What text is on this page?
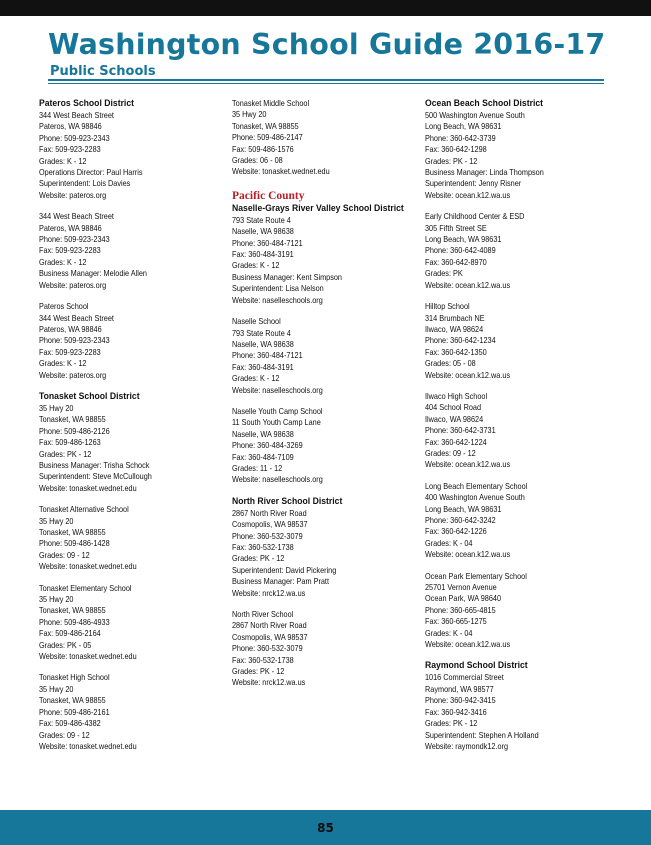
Washington School Guide 2016-17
Public Schools
Pateros School District
344 West Beach Street
Pateros, WA 98846
Phone: 509-923-2343
Fax: 509-923-2283
Grades: K - 12
Operations Director: Paul Harris
Superintendent: Lois Davies
Website: pateros.org
344 West Beach Street
Pateros, WA 98846
Phone: 509-923-2343
Fax: 509-923-2283
Grades: K - 12
Business Manager: Melodie Allen
Website: pateros.org
Pateros School
344 West Beach Street
Pateros, WA 98846
Phone: 509-923-2343
Fax: 509-923-2283
Grades: K - 12
Website: pateros.org
Tonasket School District
35 Hwy 20
Tonasket, WA 98855
Phone: 509-486-2126
Fax: 509-486-1263
Grades: PK - 12
Business Manager: Trisha Schock
Superintendent: Steve McCullough
Website: tonasket.wednet.edu
Tonasket Alternative School
35 Hwy 20
Tonasket, WA 98855
Phone: 509-486-1428
Grades: 09 - 12
Website: tonasket.wednet.edu
Tonasket Elementary School
35 Hwy 20
Tonasket, WA 98855
Phone: 509-486-4933
Fax: 509-486-2164
Grades: PK - 05
Website: tonasket.wednet.edu
Tonasket High School
35 Hwy 20
Tonasket, WA 98855
Phone: 509-486-2161
Fax: 509-486-4382
Grades: 09 - 12
Website: tonasket.wednet.edu
Tonasket Middle School
35 Hwy 20
Tonasket, WA 98855
Phone: 509-486-2147
Fax: 509-486-1576
Grades: 06 - 08
Website: tonasket.wednet.edu
Pacific County
Naselle-Grays River Valley School District
793 State Route 4
Naselle, WA 98638
Phone: 360-484-7121
Fax: 360-484-3191
Grades: K - 12
Business Manager: Kent Simpson
Superintendent: Lisa Nelson
Website: naselleschools.org
Naselle School
793 State Route 4
Naselle, WA 98638
Phone: 360-484-7121
Fax: 360-484-3191
Grades: K - 12
Website: naselleschools.org
Naselle Youth Camp School
11 South Youth Camp Lane
Naselle, WA 98638
Phone: 360-484-3269
Fax: 360-484-7109
Grades: 11 - 12
Website: naselleschools.org
North River School District
2867 North River Road
Cosmopolis, WA 98537
Phone: 360-532-3079
Fax: 360-532-1738
Grades: PK - 12
Superintendent: David Pickering
Business Manager: Pam Pratt
Website: nrck12.wa.us
North River School
2867 North River Road
Cosmopolis, WA 98537
Phone: 360-532-3079
Fax: 360-532-1738
Grades: PK - 12
Website: nrck12.wa.us
Ocean Beach School District
500 Washington Avenue South
Long Beach, WA 98631
Phone: 360-642-3739
Fax: 360-642-1298
Grades: PK - 12
Business Manager: Linda Thompson
Superintendent: Jenny Risner
Website: ocean.k12.wa.us
Early Childhood Center & ESD
305 Fifth Street SE
Long Beach, WA 98631
Phone: 360-642-4089
Fax: 360-642-8970
Grades: PK
Website: ocean.k12.wa.us
Hilltop School
314 Brumbach NE
Ilwaco, WA 98624
Phone: 360-642-1234
Fax: 360-642-1350
Grades: 05 - 08
Website: ocean.k12.wa.us
Ilwaco High School
404 School Road
Ilwaco, WA 98624
Phone: 360-642-3731
Fax: 360-642-1224
Grades: 09 - 12
Website: ocean.k12.wa.us
Long Beach Elementary School
400 Washington Avenue South
Long Beach, WA 98631
Phone: 360-642-3242
Fax: 360-642-1226
Grades: K - 04
Website: ocean.k12.wa.us
Ocean Park Elementary School
25701 Vernon Avenue
Ocean Park, WA 98640
Phone: 360-665-4815
Fax: 360-665-1275
Grades: K - 04
Website: ocean.k12.wa.us
Raymond School District
1016 Commercial Street
Raymond, WA 98577
Phone: 360-942-3415
Fax: 360-942-3416
Grades: PK - 12
Superintendent: Stephen A Holland
Website: raymondk12.org
85
